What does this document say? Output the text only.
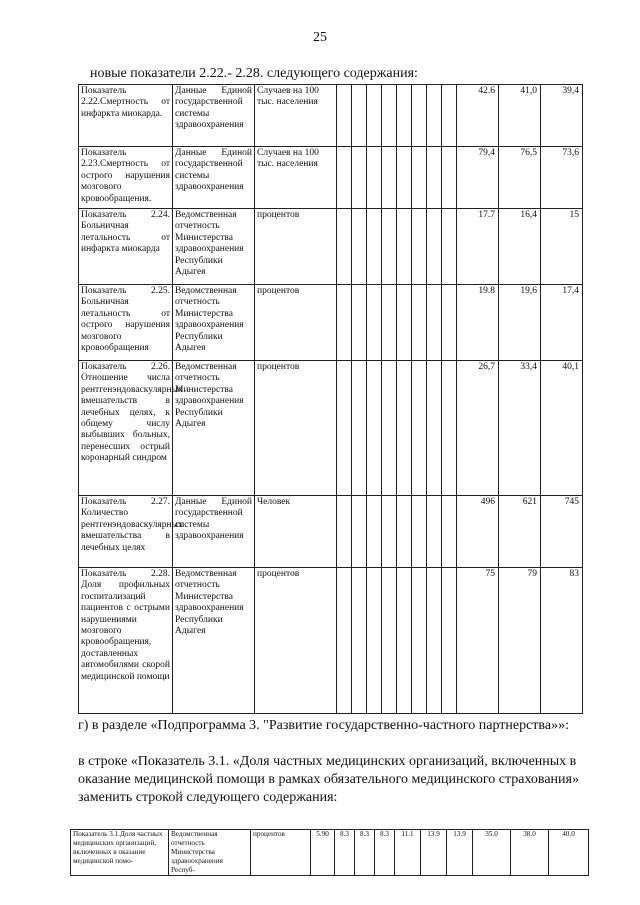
25
новые показатели 2.22.- 2.28. следующего содержания:
Показатель 2.22.Смертность от инфаркта миокарда.	Данные Единой государственной системы здравоохранения	Случаев на 100 тыс. населения									42.6	41,0	39,4
Показатель 2.23.Смертность от острого нарушения мозгового кровообращения.	Данные Единой государственной системы здравоохранения	Случаев на 100 тыс. населения									79,4	76,5	73,6
Показатель 2.24. Больничная летальность от инфаркта миокарда	Ведомственная отчетность Министерства здравоохранения Республики Адыгея	процентов									17.7	16,4	15
Показатель 2.25. Больничная летальность от острого нарушения мозгового кровообращения	Ведомственная отчетность Министерства здравоохранения Республики Адыгея	процентов									19.8	19,6	17,4
Показатель 2.26. Отношение числа рентгенэндоваскулярных вмешательств в лечебных целях, к общему числу выбывших больных, перенесших острый коронарный синдром	Ведомственная отчетность Министерства здравоохранения Республики Адыгея	процентов									26,7	33,4	40,1
Показатель 2.27. Количество рентгенэндоваскулярных вмешательства в лечебных целях	Данные Единой государственной системы здравоохранения	Человек									496	621	745
Показатель 2.28. Доля профильных госпитализаций пациентов с острыми нарушениями мозгового кровообращения, доставленных автомобилями скорой медицинской помощи	Ведомственная отчетность Министерства здравоохранения Республики Адыгея	процентов									75	79	83
г) в разделе «Подпрограмма 3. "Развитие государственно-частного партнерства»»:
в строке «Показатель 3.1. «Доля частных медицинских организаций, включенных в оказание медицинской помощи в рамках обязательного медицинского страхования» заменить строкой следующего содержания:
Показатель 3.1.Доля частных медицинских организаций, включенных в оказание медицинской помо-	Ведомственная отчетность Министерства здравоохранения Респуб-	процентов	5.90	8.3	8.3	8.3	11.1	13.9	13.9	35.0	38.0	40.0
